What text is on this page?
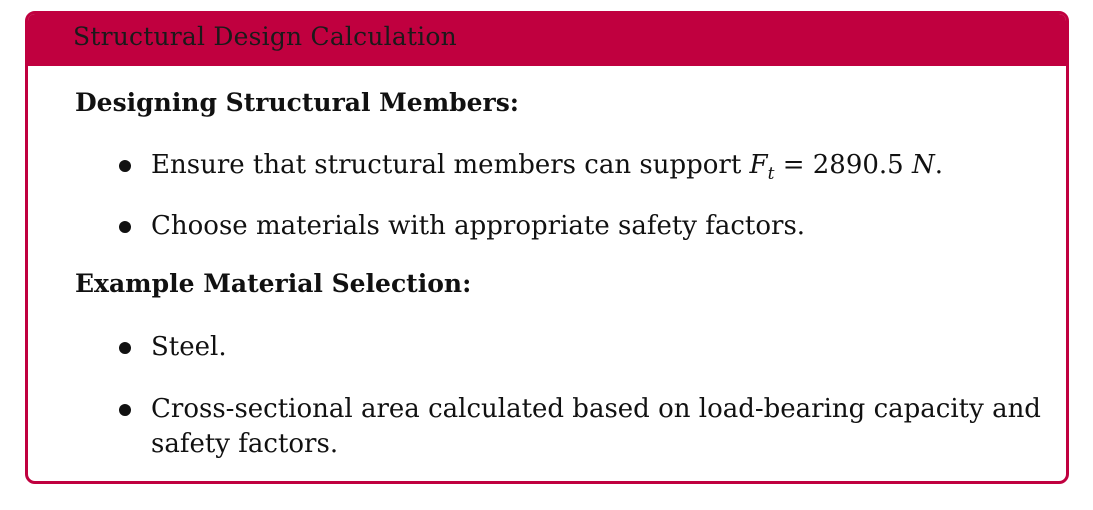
Structural Design Calculation
Designing Structural Members:
Ensure that structural members can support $F_t = 2890.5$ N.
Choose materials with appropriate safety factors.
Example Material Selection:
Steel.
Cross-sectional area calculated based on load-bearing capacity and safety factors.
